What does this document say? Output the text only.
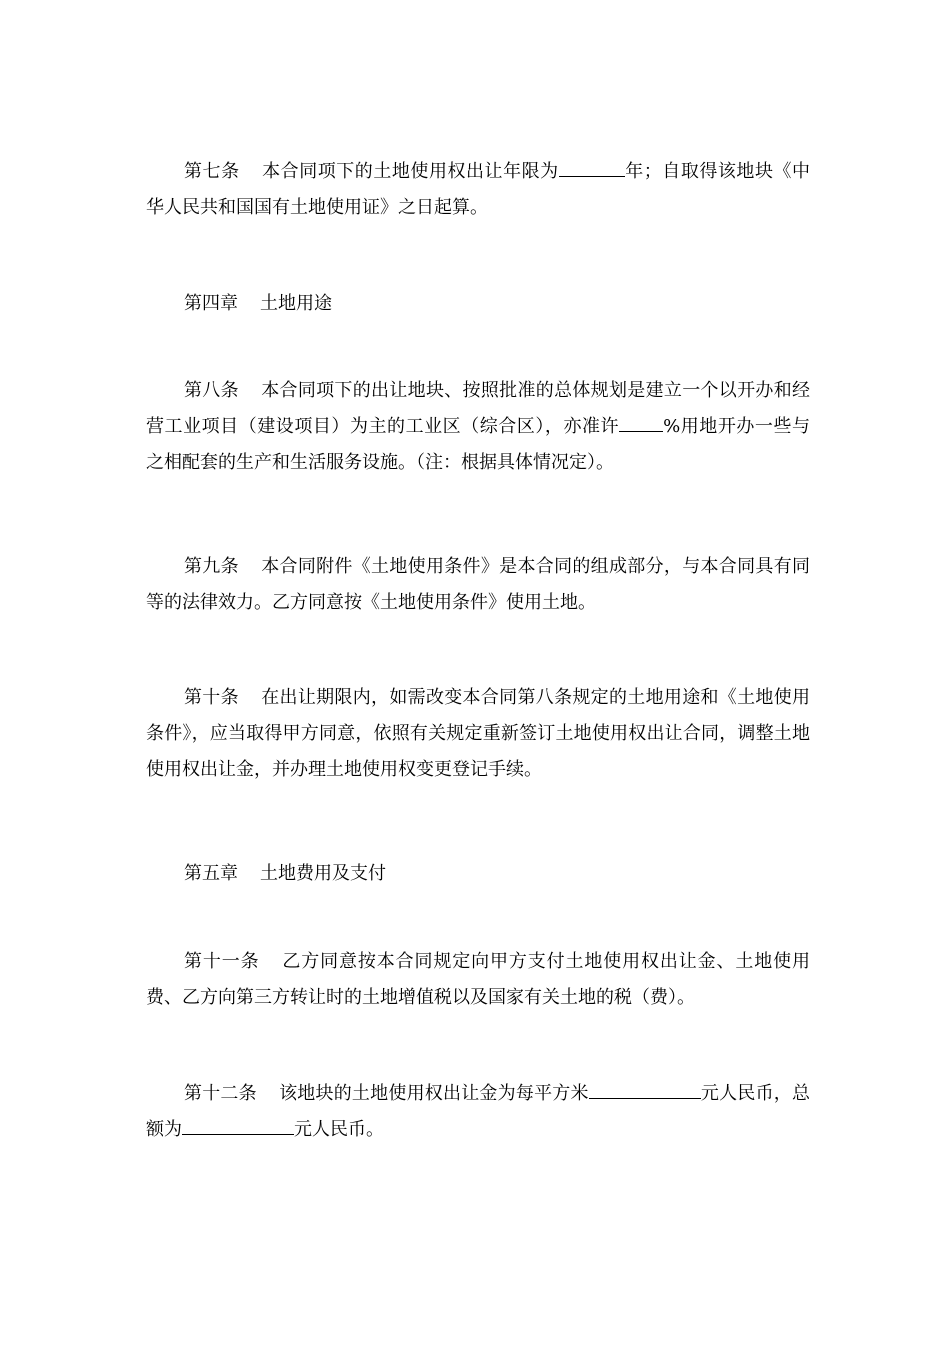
第七条 本合同项下的土地使用权出让年限为	年；自取得该地块《中华人民共和国国有土地使用证》之日起算。

第四章 土地用途

第八条 本合同项下的出让地块、按照批准的总体规划是建立一个以开办和经营工业项目（建设项目）为主的工业区（综合区），亦准许 %用地开办一些与之相配套的生产和生活服务设施。（注：根据具体情况定）。

第九条 本合同附件《土地使用条件》是本合同的组成部分，与本合同具有同等的法律效力。乙方同意按《土地使用条件》使用土地。

第十条 在出让期限内，如需改变本合同第八条规定的土地用途和《土地使用条件》，应当取得甲方同意，依照有关规定重新签订土地使用权出让合同，调整土地使用权出让金，并办理土地使用权变更登记手续。

第五章 土地费用及支付

第十一条 乙方同意按本合同规定向甲方支付土地使用权出让金、土地使用费、乙方向第三方转让时的土地增值税以及国家有关土地的税（费）。

第十二条 该地块的土地使用权出让金为每平方米	元人民币，总额为	元人民币。
